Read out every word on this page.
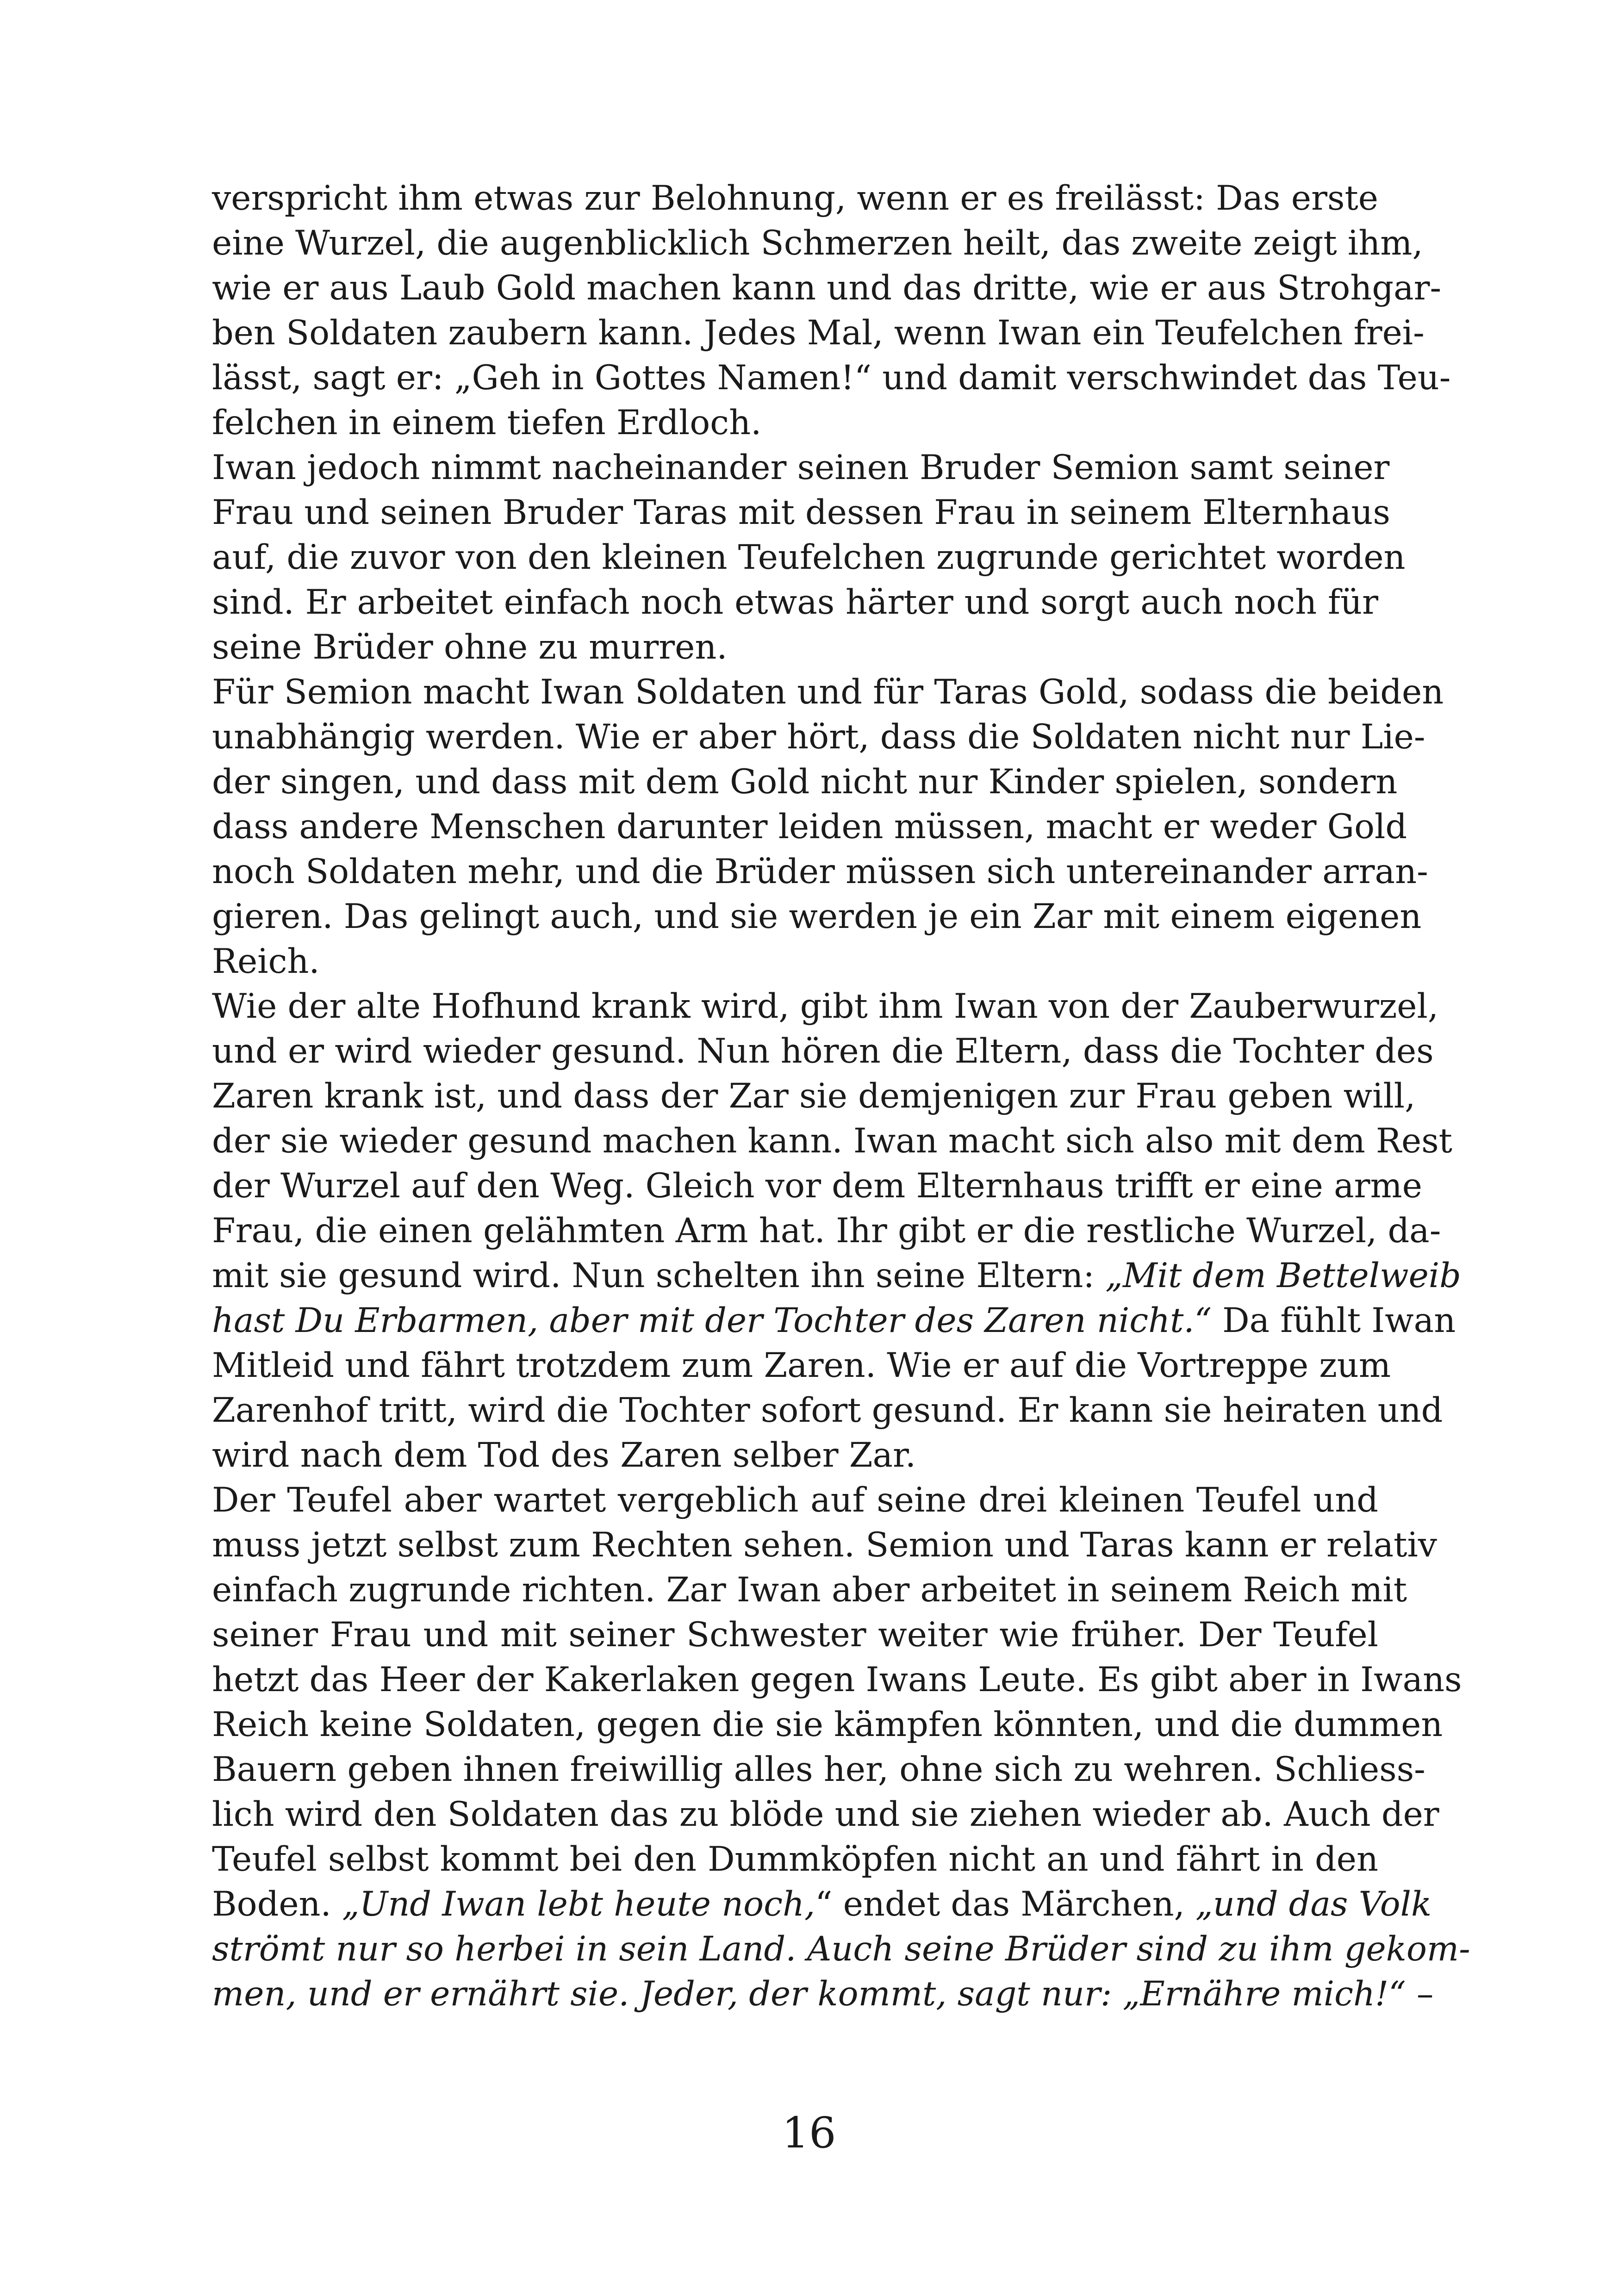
verspricht ihm etwas zur Belohnung, wenn er es freilässt: Das erste
eine Wurzel, die augenblicklich Schmerzen heilt, das zweite zeigt ihm,
wie er aus Laub Gold machen kann und das dritte, wie er aus Strohgar-
ben Soldaten zaubern kann. Jedes Mal, wenn Iwan ein Teufelchen frei-
lässt, sagt er: „Geh in Gottes Namen!“ und damit verschwindet das Teu-
felchen in einem tiefen Erdloch.
Iwan jedoch nimmt nacheinander seinen Bruder Semion samt seiner
Frau und seinen Bruder Taras mit dessen Frau in seinem Elternhaus
auf, die zuvor von den kleinen Teufelchen zugrunde gerichtet worden
sind. Er arbeitet einfach noch etwas härter und sorgt auch noch für
seine Brüder ohne zu murren.
Für Semion macht Iwan Soldaten und für Taras Gold, sodass die beiden
unabhängig werden. Wie er aber hört, dass die Soldaten nicht nur Lie-
der singen, und dass mit dem Gold nicht nur Kinder spielen, sondern
dass andere Menschen darunter leiden müssen, macht er weder Gold
noch Soldaten mehr, und die Brüder müssen sich untereinander arran-
gieren. Das gelingt auch, und sie werden je ein Zar mit einem eigenen
Reich.
Wie der alte Hofhund krank wird, gibt ihm Iwan von der Zauberwurzel,
und er wird wieder gesund. Nun hören die Eltern, dass die Tochter des
Zaren krank ist, und dass der Zar sie demjenigen zur Frau geben will,
der sie wieder gesund machen kann. Iwan macht sich also mit dem Rest
der Wurzel auf den Weg. Gleich vor dem Elternhaus trifft er eine arme
Frau, die einen gelähmten Arm hat. Ihr gibt er die restliche Wurzel, da-
mit sie gesund wird. Nun schelten ihn seine Eltern: „Mit dem Bettelweib
hast Du Erbarmen, aber mit der Tochter des Zaren nicht.“ Da fühlt Iwan
Mitleid und fährt trotzdem zum Zaren. Wie er auf die Vortreppe zum
Zarenhof tritt, wird die Tochter sofort gesund. Er kann sie heiraten und
wird nach dem Tod des Zaren selber Zar.
Der Teufel aber wartet vergeblich auf seine drei kleinen Teufel und
muss jetzt selbst zum Rechten sehen. Semion und Taras kann er relativ
einfach zugrunde richten. Zar Iwan aber arbeitet in seinem Reich mit
seiner Frau und mit seiner Schwester weiter wie früher. Der Teufel
hetzt das Heer der Kakerlaken gegen Iwans Leute. Es gibt aber in Iwans
Reich keine Soldaten, gegen die sie kämpfen könnten, und die dummen
Bauern geben ihnen freiwillig alles her, ohne sich zu wehren. Schliess-
lich wird den Soldaten das zu blöde und sie ziehen wieder ab. Auch der
Teufel selbst kommt bei den Dummköpfen nicht an und fährt in den
Boden. „Und Iwan lebt heute noch,“ endet das Märchen, „und das Volk
strömt nur so herbei in sein Land. Auch seine Brüder sind zu ihm gekom-
men, und er ernährt sie. Jeder, der kommt, sagt nur: „Ernähre mich!“ –
16
